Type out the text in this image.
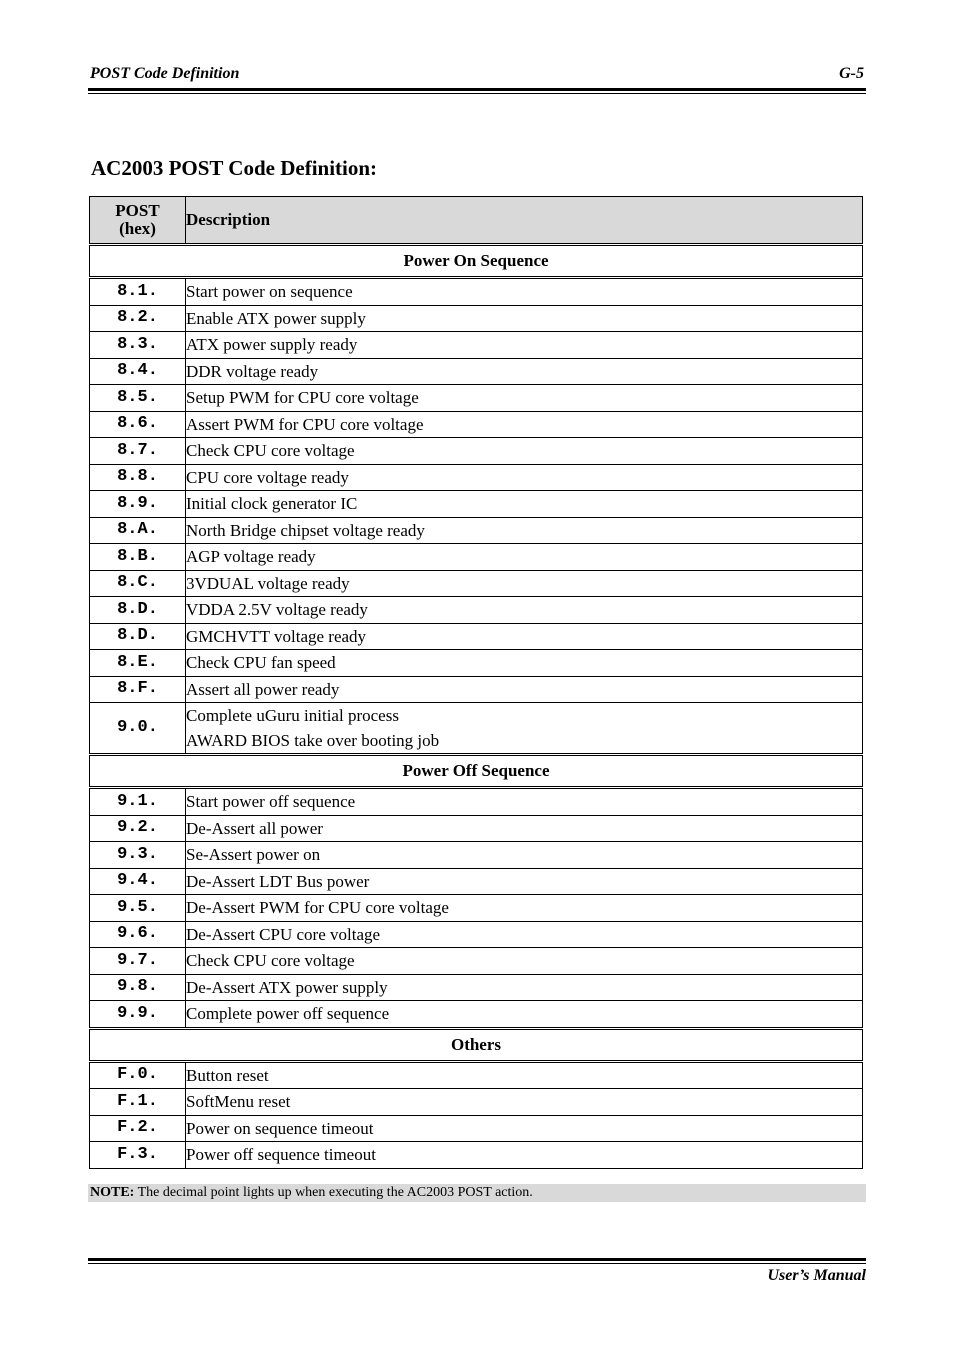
POST Code Definition	G-5
AC2003 POST Code Definition:
POST
(hex)	Description
Power On Sequence	
8.1.	Start power on sequence

8.2.	Enable ATX power supply

8.3.	ATX power supply ready

8.4.	DDR voltage ready

8.5.	Setup PWM for CPU core voltage

8.6.	Assert PWM for CPU core voltage

8.7.	Check CPU core voltage

8.8.	CPU core voltage ready

8.9.	Initial clock generator IC

8.A.	North Bridge chipset voltage ready

8.B.	AGP voltage ready

8.C.	3VDUAL voltage ready

8.D.	VDDA 2.5V voltage ready

8.D.	GMCHVTT voltage ready

8.E.	Check CPU fan speed

8.F.	Assert all power ready

9.0.	Complete uGuru initial process
AWARD BIOS take over booting job

Power Off Sequence	
9.1.	Start power off sequence

9.2.	De-Assert all power

9.3.	Se-Assert power on

9.4.	De-Assert LDT Bus power

9.5.	De-Assert PWM for CPU core voltage

9.6.	De-Assert CPU core voltage

9.7.	Check CPU core voltage

9.8.	De-Assert ATX power supply

9.9.	Complete power off sequence

Others	
F.0.	Button reset

F.1.	SoftMenu reset

F.2.	Power on sequence timeout

F.3.	Power off sequence timeout
NOTE: The decimal point lights up when executing the AC2003 POST action.
User’s Manual
